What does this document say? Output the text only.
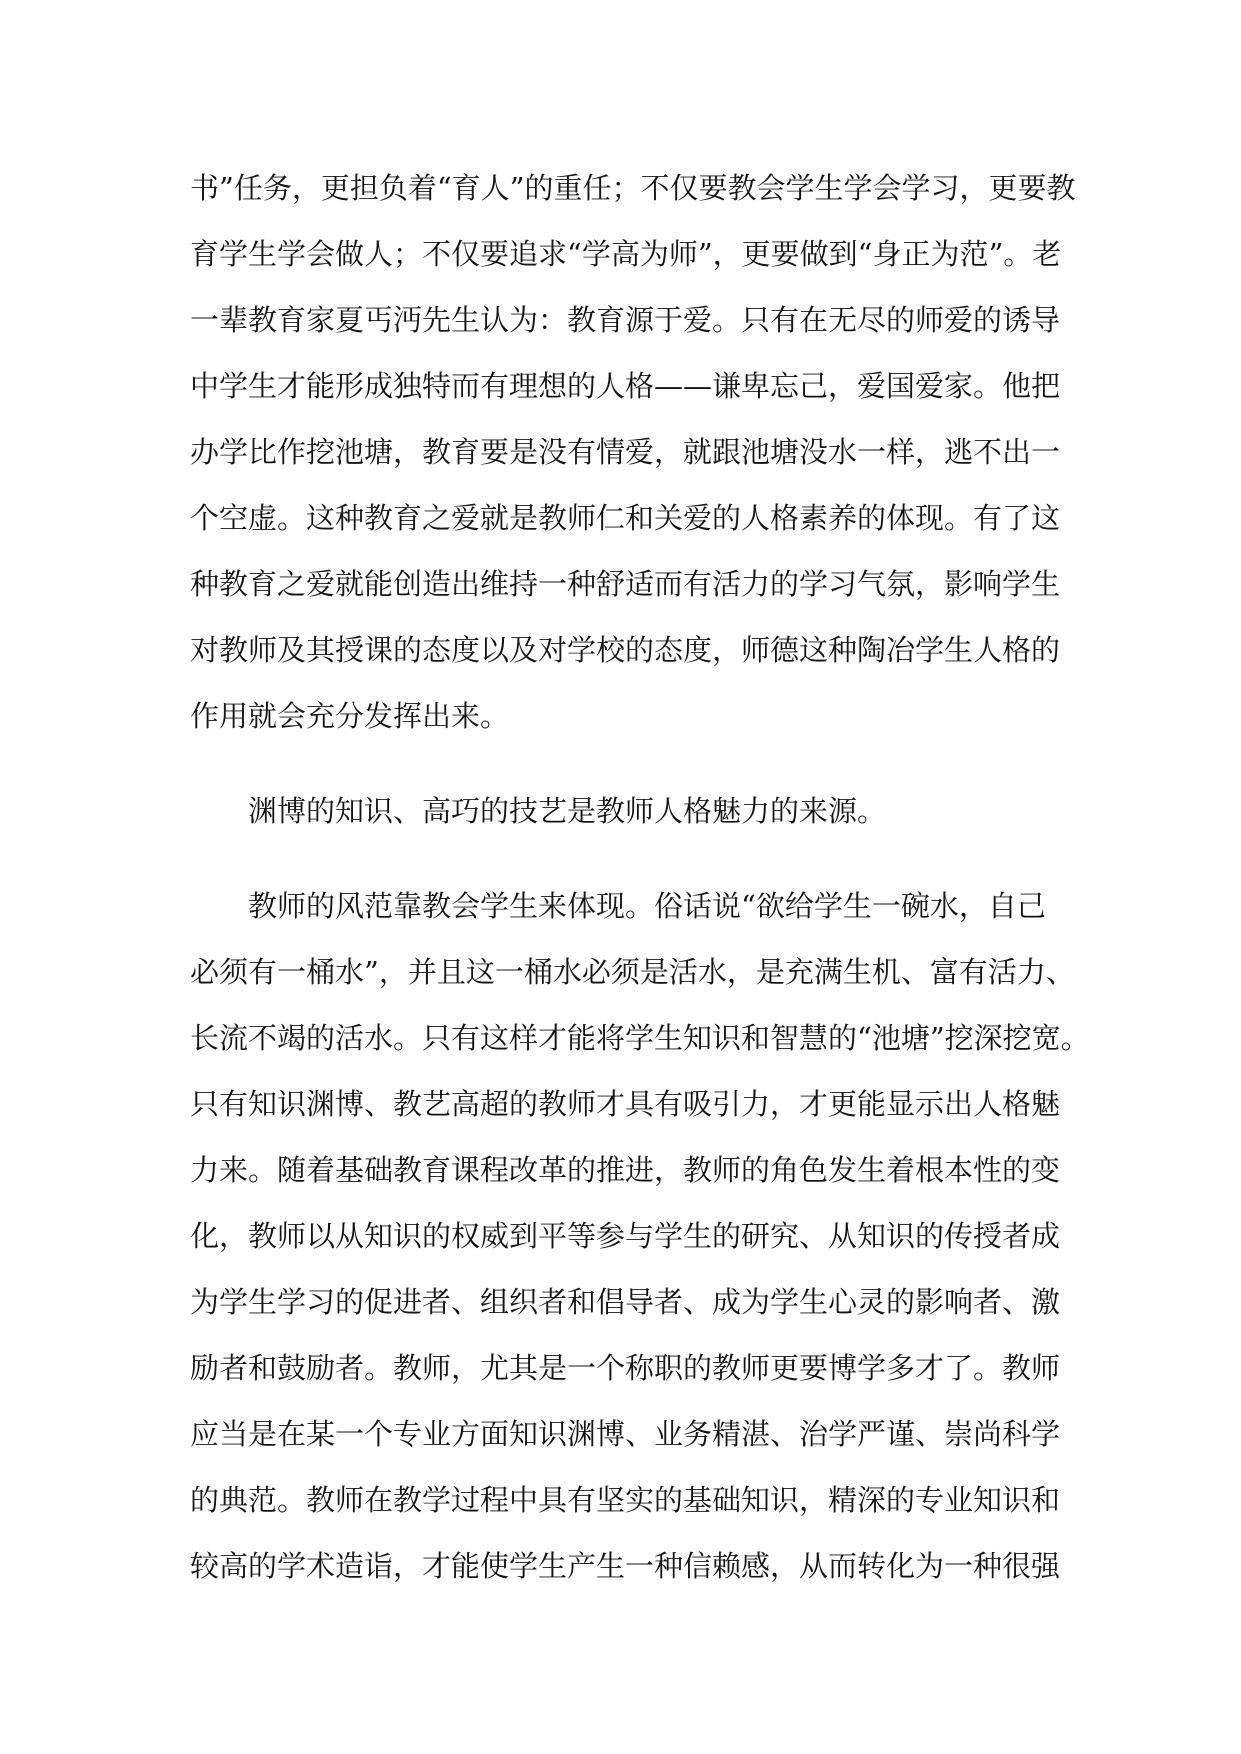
书”任务，更担负着“育人”的重任；不仅要教会学生学会学习，更要教
育学生学会做人；不仅要追求“学高为师”，更要做到“身正为范”。老
一辈教育家夏丐沔先生认为：教育源于爱。只有在无尽的师爱的诱导
中学生才能形成独特而有理想的人格——谦卑忘己，爱国爱家。他把
办学比作挖池塘，教育要是没有情爱，就跟池塘没水一样，逃不出一
个空虚。这种教育之爱就是教师仁和关爱的人格素养的体现。有了这
种教育之爱就能创造出维持一种舒适而有活力的学习气氛，影响学生
对教师及其授课的态度以及对学校的态度，师德这种陶冶学生人格的
作用就会充分发挥出来。
渊博的知识、高巧的技艺是教师人格魅力的来源。
教师的风范靠教会学生来体现。俗话说“欲给学生一碗水，自己
必须有一桶水”，并且这一桶水必须是活水，是充满生机、富有活力、
长流不竭的活水。只有这样才能将学生知识和智慧的“池塘”挖深挖宽。
只有知识渊博、教艺高超的教师才具有吸引力，才更能显示出人格魅
力来。随着基础教育课程改革的推进，教师的角色发生着根本性的变
化，教师以从知识的权威到平等参与学生的研究、从知识的传授者成
为学生学习的促进者、组织者和倡导者、成为学生心灵的影响者、激
励者和鼓励者。教师，尤其是一个称职的教师更要博学多才了。教师
应当是在某一个专业方面知识渊博、业务精湛、治学严谨、崇尚科学
的典范。教师在教学过程中具有坚实的基础知识，精深的专业知识和
较高的学术造诣，才能使学生产生一种信赖感，从而转化为一种很强
